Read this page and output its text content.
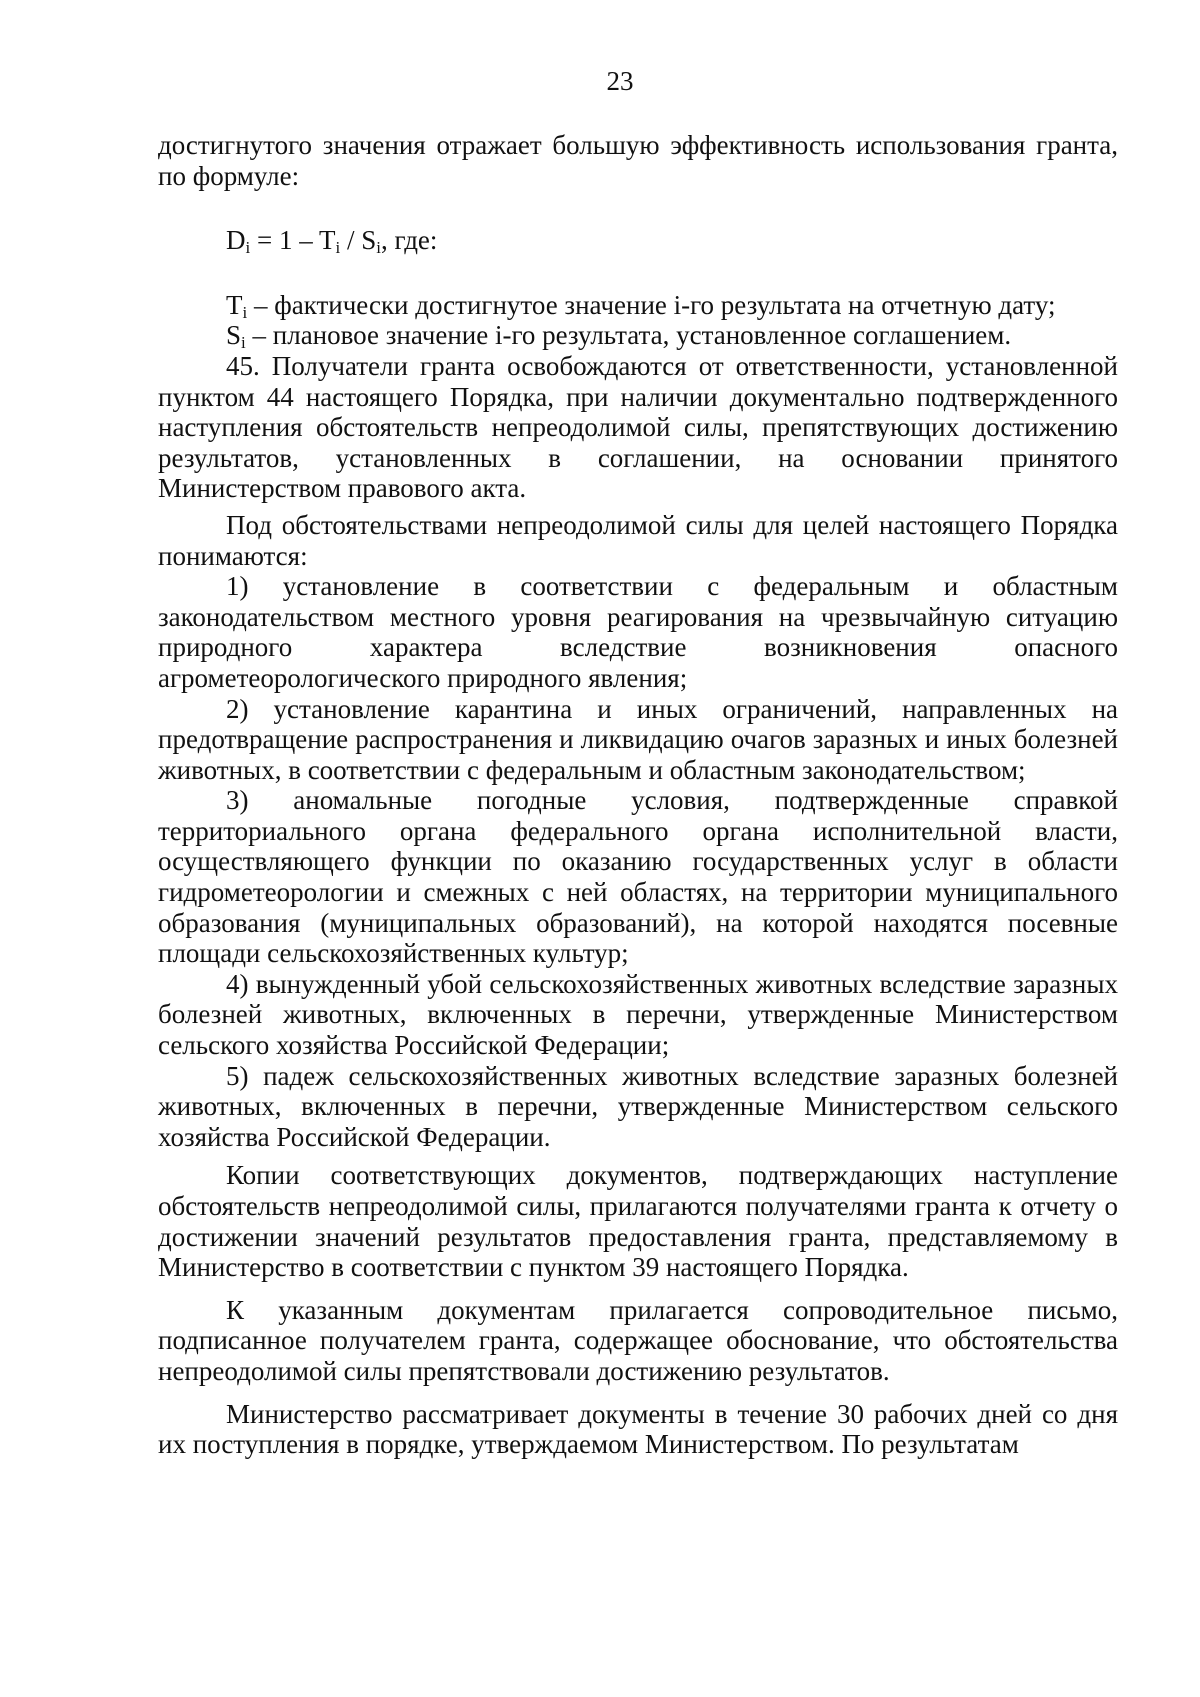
23

достигнутого значения отражает большую эффективность использования гранта, по формуле:

$D_i = 1 - T_i / S_i$, где:

$T_i$ – фактически достигнутое значение i-го результата на отчетную дату;

$S_i$ – плановое значение i-го результата, установленное соглашением.

45. Получатели гранта освобождаются от ответственности, установленной пунктом 44 настоящего Порядка, при наличии документально подтвержденного наступления обстоятельств непреодолимой силы, препятствующих достижению результатов, установленных в соглашении, на основании принятого Министерством правового акта.

Под обстоятельствами непреодолимой силы для целей настоящего Порядка понимаются:

1) установление в соответствии с федеральным и областным законодательством местного уровня реагирования на чрезвычайную ситуацию природного характера вследствие возникновения опасного агрометеорологического природного явления;

2) установление карантина и иных ограничений, направленных на предотвращение распространения и ликвидацию очагов заразных и иных болезней животных, в соответствии с федеральным и областным законодательством;

3) аномальные погодные условия, подтвержденные справкой территориального органа федерального органа исполнительной власти, осуществляющего функции по оказанию государственных услуг в области гидрометеорологии и смежных с ней областях, на территории муниципального образования (муниципальных образований), на которой находятся посевные площади сельскохозяйственных культур;

4) вынужденный убой сельскохозяйственных животных вследствие заразных болезней животных, включенных в перечни, утвержденные Министерством сельского хозяйства Российской Федерации;

5) падеж сельскохозяйственных животных вследствие заразных болезней животных, включенных в перечни, утвержденные Министерством сельского хозяйства Российской Федерации.

Копии соответствующих документов, подтверждающих наступление обстоятельств непреодолимой силы, прилагаются получателями гранта к отчету о достижении значений результатов предоставления гранта, представляемому в Министерство в соответствии с пунктом 39 настоящего Порядка.

К указанным документам прилагается сопроводительное письмо, подписанное получателем гранта, содержащее обоснование, что обстоятельства непреодолимой силы препятствовали достижению результатов.

Министерство рассматривает документы в течение 30 рабочих дней со дня их поступления в порядке, утверждаемом Министерством. По результатам
